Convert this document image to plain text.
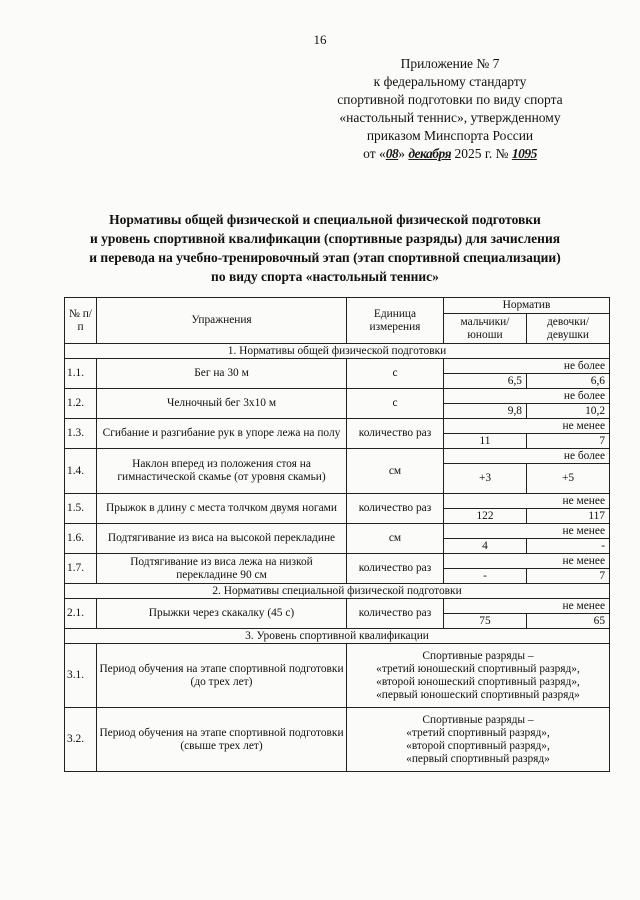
16
Приложение № 7
к федеральному стандарту
спортивной подготовки по виду спорта
«настольный теннис», утвержденному
приказом Минспорта России
от «08» декабря 2025 г. № 1095
Нормативы общей физической и специальной физической подготовки
и уровень спортивной квалификации (спортивные разряды) для зачисления
и перевода на учебно-тренировочный этап (этап спортивной специализации)
по виду спорта «настольный теннис»
№ п/п	Упражнения	Единица измерения	Норматив	
			мальчики/ юноши	девочки/ девушки
1. Нормативы общей физической подготовки				
1.1.	Бег на 30 м	с	не более	
			6,5	6,6
1.2.	Челночный бег 3х10 м	с	не более	
			9,8	10,2
1.3.	Сгибание и разгибание рук в упоре лежа на полу	количество раз	не менее	
			11	7
1.4.	Наклон вперед из положения стоя на гимнастической скамье (от уровня скамьи)	см	не более	
			+3	+5
1.5.	Прыжок в длину с места толчком двумя ногами	количество раз	не менее	
			122	117
1.6.	Подтягивание из виса на высокой перекладине	см	не менее	
			4	-
1.7.	Подтягивание из виса лежа на низкой перекладине 90 см	количество раз	не менее	
			-	7
2. Нормативы специальной физической подготовки				
2.1.	Прыжки через скакалку (45 с)	количество раз	не менее	
			75	65
3. Уровень спортивной квалификации				
3.1.	Период обучения на этапе спортивной подготовки (до трех лет)	Спортивные разряды –
«третий юношеский спортивный разряд»,
«второй юношеский спортивный разряд»,
«первый юношеский спортивный разряд»		

3.2.	Период обучения на этапе спортивной подготовки (свыше трех лет)	Спортивные разряды –
«третий спортивный разряд»,
«второй спортивный разряд»,
«первый спортивный разряд»		
